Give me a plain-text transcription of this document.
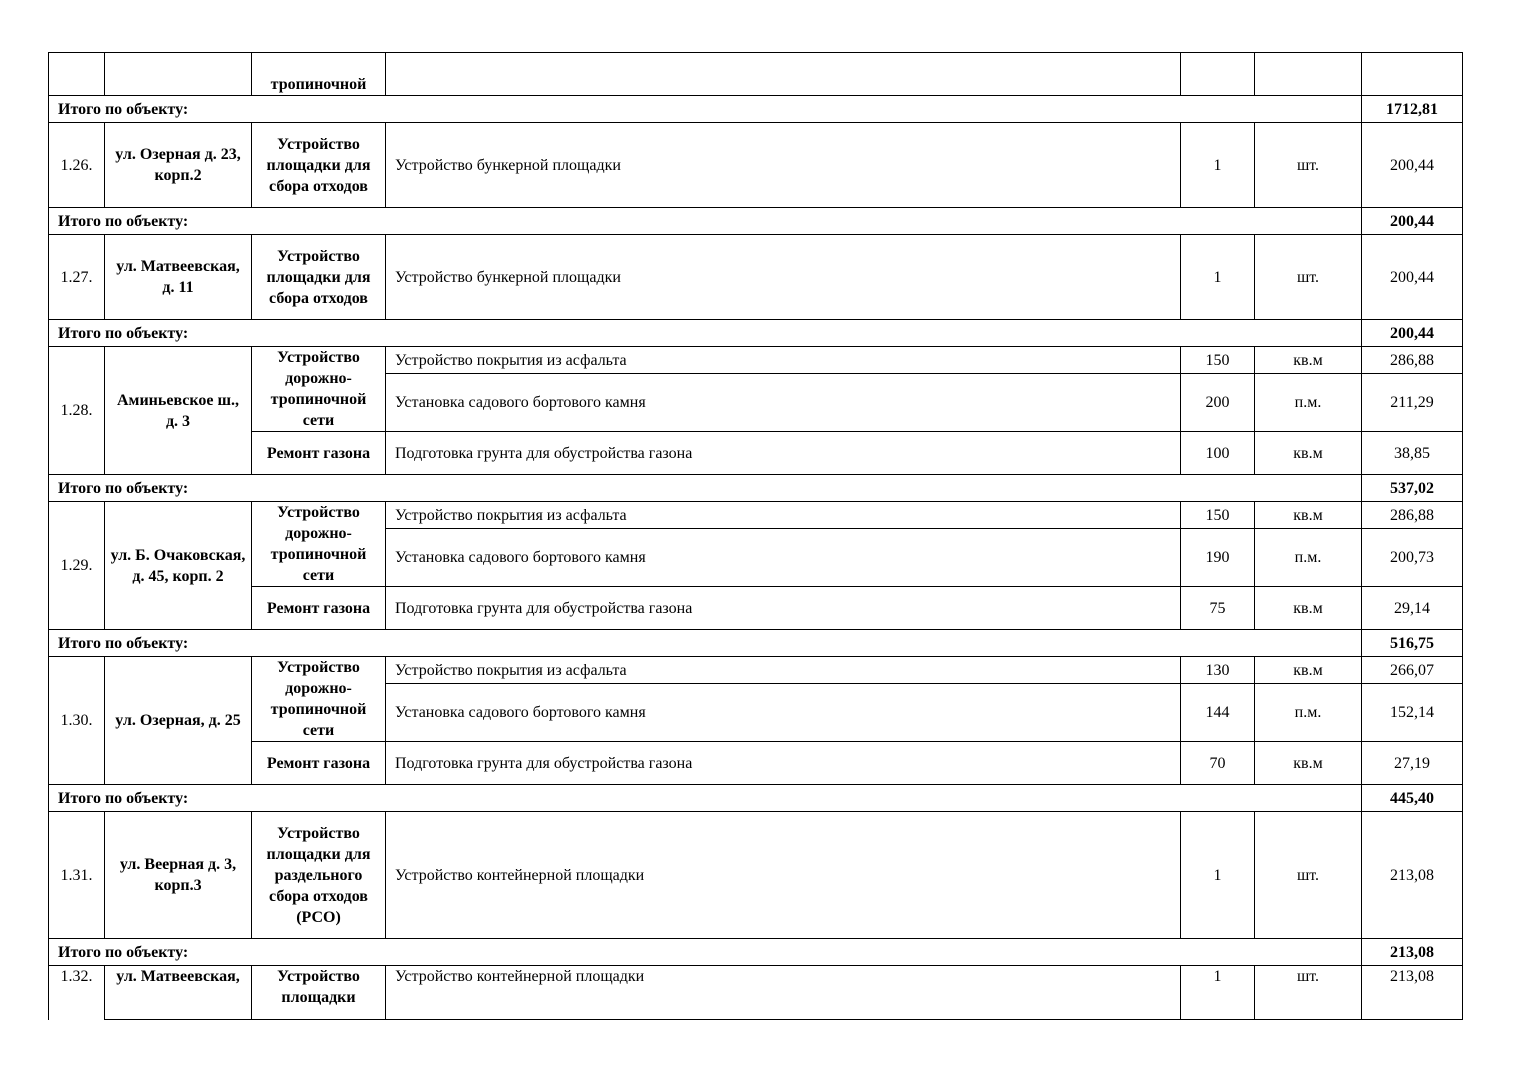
		тропиночной				
Итого по объекту:						1712,81
1.26.	ул. Озерная д. 23, корп.2	Устройство площадки для сбора отходов	Устройство бункерной площадки	1	шт.	200,44
Итого по объекту:						200,44
1.27.	ул. Матвеевская, д. 11	Устройство площадки для сбора отходов	Устройство бункерной площадки	1	шт.	200,44
Итого по объекту:						200,44
1.28.	Аминьевское ш., д. 3	Устройство дорожно-тропиночной сети	Устройство покрытия из асфальта	150	кв.м	286,88
			Установка садового бортового камня	200	п.м.	211,29
		Ремонт газона	Подготовка грунта для обустройства газона	100	кв.м	38,85
Итого по объекту:						537,02
1.29.	ул. Б. Очаковская, д. 45, корп. 2	Устройство дорожно-тропиночной сети	Устройство покрытия из асфальта	150	кв.м	286,88
			Установка садового бортового камня	190	п.м.	200,73
		Ремонт газона	Подготовка грунта для обустройства газона	75	кв.м	29,14
Итого по объекту:						516,75
1.30.	ул. Озерная, д. 25	Устройство дорожно-тропиночной сети	Устройство покрытия из асфальта	130	кв.м	266,07
			Установка садового бортового камня	144	п.м.	152,14
		Ремонт газона	Подготовка грунта для обустройства газона	70	кв.м	27,19
Итого по объекту:						445,40
1.31.	ул. Веерная д. 3, корп.3	Устройство площадки для раздельного сбора отходов (РСО)	Устройство контейнерной площадки	1	шт.	213,08
Итого по объекту:						213,08
1.32.	ул. Матвеевская,	Устройство площадки	Устройство контейнерной площадки	1	шт.	213,08
